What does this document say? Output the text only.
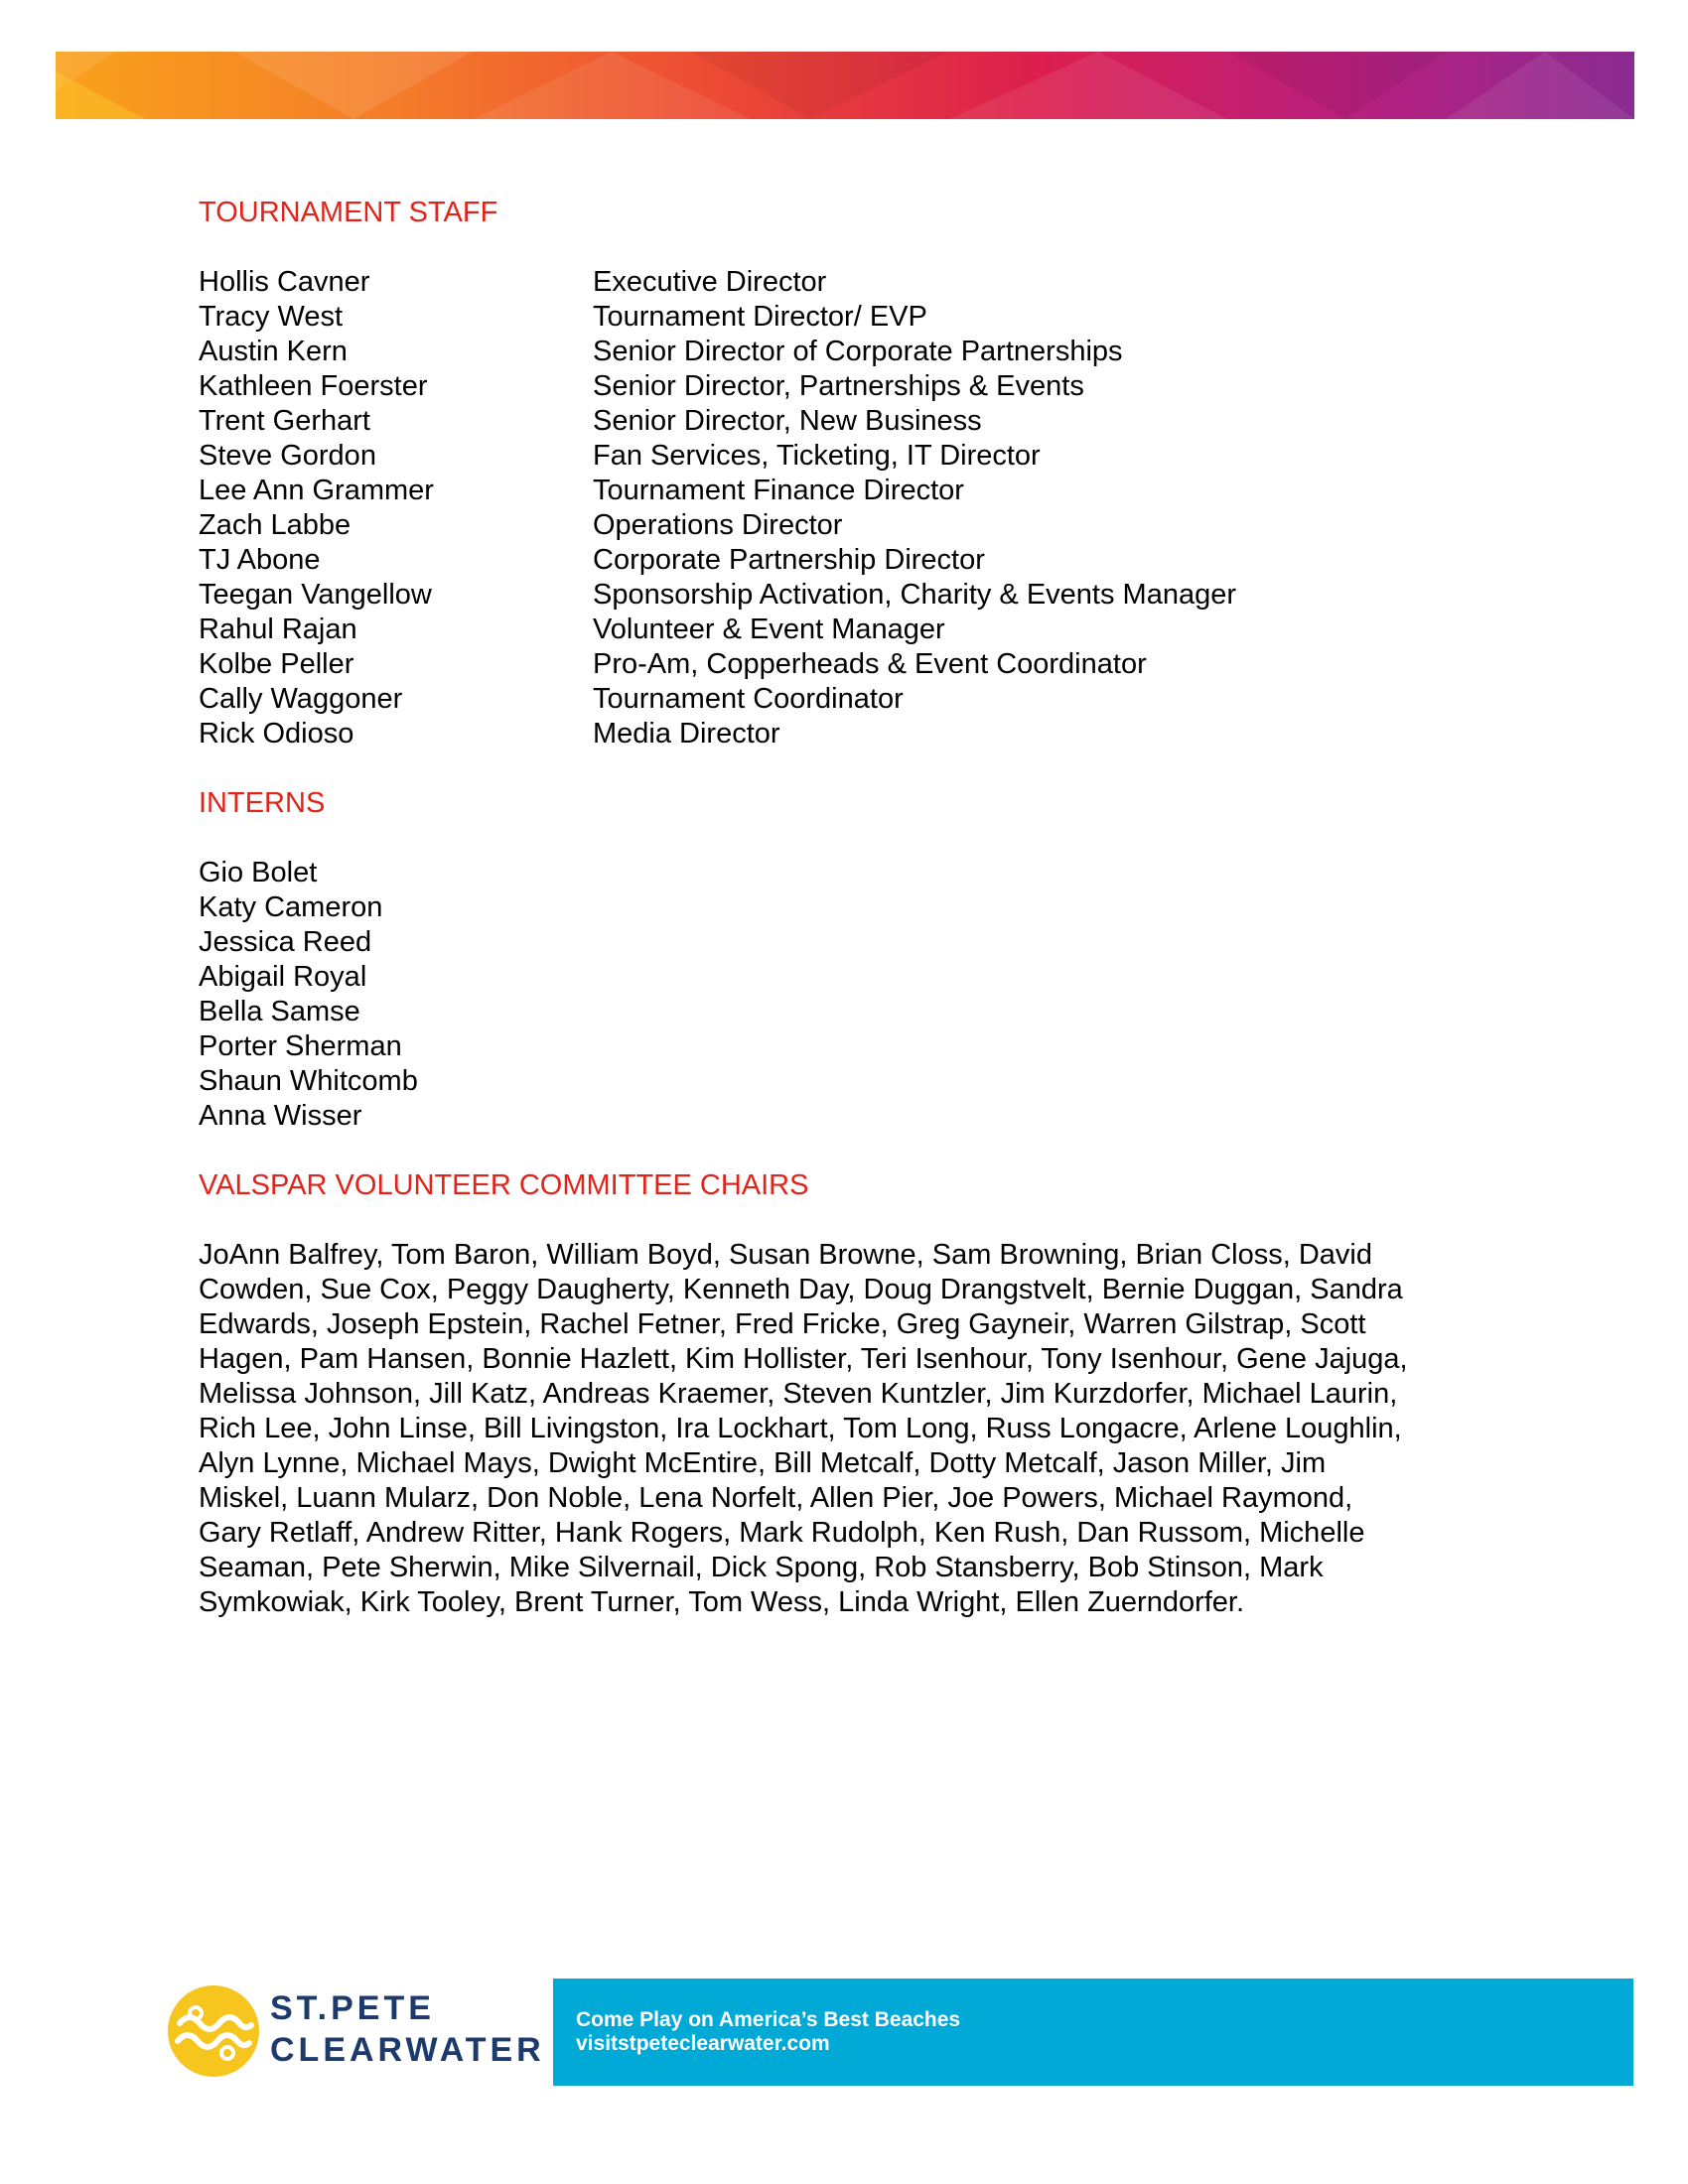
TOURNAMENT STAFF
Hollis Cavner	Executive Director
Tracy West	Tournament Director/ EVP
Austin Kern	Senior Director of Corporate Partnerships
Kathleen Foerster	Senior Director, Partnerships & Events
Trent Gerhart	Senior Director, New Business
Steve Gordon	Fan Services, Ticketing, IT Director
Lee Ann Grammer	Tournament Finance Director
Zach Labbe	Operations Director
TJ Abone	Corporate Partnership Director
Teegan Vangellow	Sponsorship Activation, Charity & Events Manager
Rahul Rajan	Volunteer & Event Manager
Kolbe Peller	Pro-Am, Copperheads & Event Coordinator
Cally Waggoner	Tournament Coordinator
Rick Odioso	Media Director
INTERNS
Gio Bolet
Katy Cameron
Jessica Reed
Abigail Royal
Bella Samse
Porter Sherman
Shaun Whitcomb
Anna Wisser
VALSPAR VOLUNTEER COMMITTEE CHAIRS
JoAnn Balfrey, Tom Baron, William Boyd, Susan Browne, Sam Browning, Brian Closs, David
Cowden, Sue Cox, Peggy Daugherty, Kenneth Day, Doug Drangstvelt, Bernie Duggan, Sandra
Edwards, Joseph Epstein, Rachel Fetner, Fred Fricke, Greg Gayneir, Warren Gilstrap, Scott
Hagen, Pam Hansen, Bonnie Hazlett, Kim Hollister, Teri Isenhour, Tony Isenhour, Gene Jajuga,
Melissa Johnson, Jill Katz, Andreas Kraemer, Steven Kuntzler, Jim Kurzdorfer, Michael Laurin,
Rich Lee, John Linse, Bill Livingston, Ira Lockhart, Tom Long, Russ Longacre, Arlene Loughlin,
Alyn Lynne, Michael Mays, Dwight McEntire, Bill Metcalf, Dotty Metcalf, Jason Miller, Jim
Miskel, Luann Mularz, Don Noble, Lena Norfelt, Allen Pier, Joe Powers, Michael Raymond,
Gary Retlaff, Andrew Ritter, Hank Rogers, Mark Rudolph, Ken Rush, Dan Russom, Michelle
Seaman, Pete Sherwin, Mike Silvernail, Dick Spong, Rob Stansberry, Bob Stinson, Mark
Symkowiak, Kirk Tooley, Brent Turner, Tom Wess, Linda Wright, Ellen Zuerndorfer.
ST.PETE
CLEARWATER
Come Play on America’s Best Beaches
visitstpeteclearwater.com
